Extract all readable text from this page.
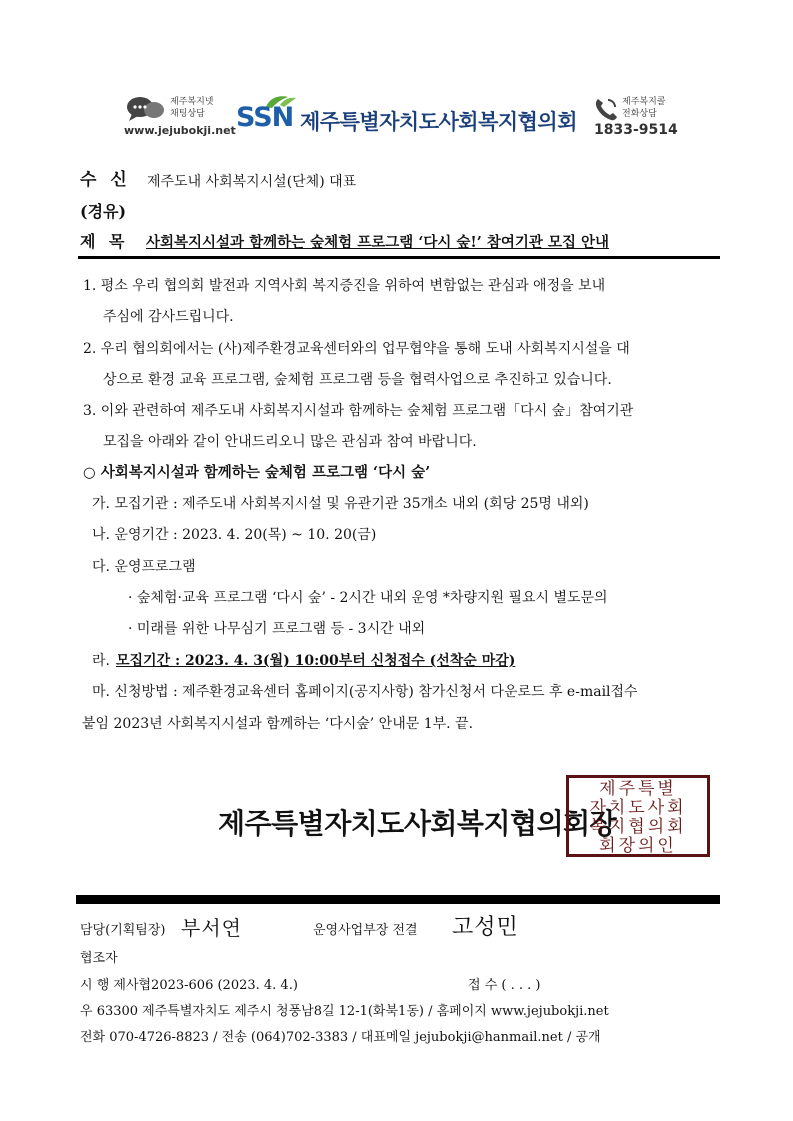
제주복지넷
채팅상담
www.jejubokji.net SSN 제주특별자치도사회복지협의회
제주복지콜
전화상담
1833-9514
수 신 제주도내 사회복지시설(단체) 대표
(경유)
제 목 사회복지시설과 함께하는 숲체험 프로그램 ‘다시 숲!’ 참여기관 모집 안내
1. 평소 우리 협의회 발전과 지역사회 복지증진을 위하여 변함없는 관심과 애정을 보내
주심에 감사드립니다.
2. 우리 협의회에서는 (사)제주환경교육센터와의 업무협약을 통해 도내 사회복지시설을 대
상으로 환경 교육 프로그램, 숲체험 프로그램 등을 협력사업으로 추진하고 있습니다.
3. 이와 관련하여 제주도내 사회복지시설과 함께하는 숲체험 프로그램「다시 숲」참여기관
모집을 아래와 같이 안내드리오니 많은 관심과 참여 바랍니다.
○ 사회복지시설과 함께하는 숲체험 프로그램 ‘다시 숲’
가. 모집기관 : 제주도내 사회복지시설 및 유관기관 35개소 내외 (회당 25명 내외)
나. 운영기간 : 2023. 4. 20(목) ~ 10. 20(금)
다. 운영프로그램
· 숲체험·교육 프로그램 ‘다시 숲’ - 2시간 내외 운영 *차량지원 필요시 별도문의
· 미래를 위한 나무심기 프로그램 등 - 3시간 내외
라. 모집기간 : 2023. 4. 3(월) 10:00부터 신청접수 (선착순 마감)
마. 신청방법 : 제주환경교육센터 홈페이지(공지사항) 참가신청서 다운로드 후 e-mail접수
붙임 2023년 사회복지시설과 함께하는 ‘다시숲’ 안내문 1부. 끝.
제주특별자치도사회복지협의회장
제주특별
자치도사회
복지협의회
회장의인
담당(기획팀장) 부서연	운영사업부장 전결 고성민
협조자
시 행 제사협2023-606 (2023. 4. 4.)	접 수 ( . . . )
우 63300 제주특별자치도 제주시 청풍남8길 12-1(화북1동) / 홈페이지 www.jejubokji.net
전화 070-4726-8823 / 전송 (064)702-3383 / 대표메일 jejubokji@hanmail.net / 공개
